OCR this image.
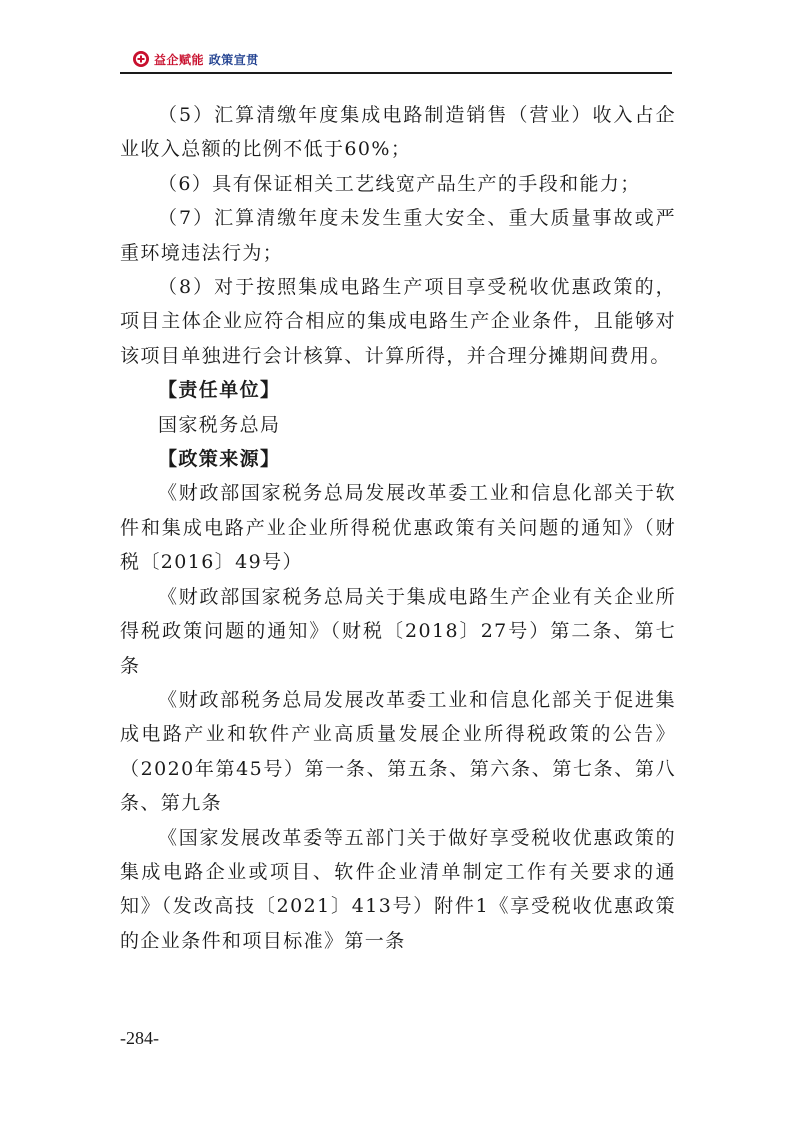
益企赋能 政策宣贯

（5）汇算清缴年度集成电路制造销售（营业）收入占企业收入总额的比例不低于60%；

（6）具有保证相关工艺线宽产品生产的手段和能力；

（7）汇算清缴年度未发生重大安全、重大质量事故或严重环境违法行为；

（8）对于按照集成电路生产项目享受税收优惠政策的，项目主体企业应符合相应的集成电路生产企业条件，且能够对该项目单独进行会计核算、计算所得，并合理分摊期间费用。

【责任单位】

国家税务总局

【政策来源】

《财政部国家税务总局发展改革委工业和信息化部关于软件和集成电路产业企业所得税优惠政策有关问题的通知》（财税〔2016〕49号）

《财政部国家税务总局关于集成电路生产企业有关企业所得税政策问题的通知》（财税〔2018〕27号）第二条、第七条

《财政部税务总局发展改革委工业和信息化部关于促进集成电路产业和软件产业高质量发展企业所得税政策的公告》（2020年第45号）第一条、第五条、第六条、第七条、第八条、第九条

《国家发展改革委等五部门关于做好享受税收优惠政策的集成电路企业或项目、软件企业清单制定工作有关要求的通知》（发改高技〔2021〕413号）附件1《享受税收优惠政策的企业条件和项目标准》第一条

-284-
